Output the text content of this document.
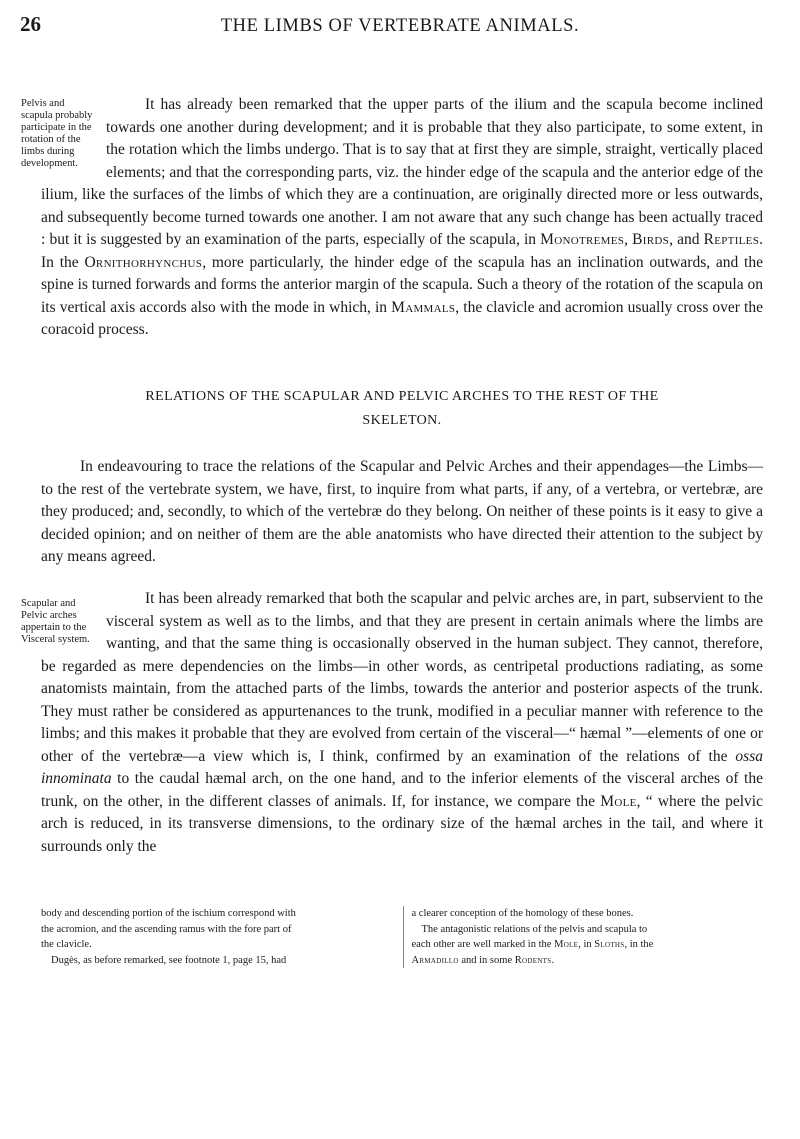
26	THE LIMBS OF VERTEBRATE ANIMALS.

Pelvis and scapula probably participate in the rotation of the limbs during development.
It has already been remarked that the upper parts of the ilium and the scapula become inclined towards one another during development; and it is probable that they also participate, to some extent, in the rotation which the limbs undergo. That is to say that at first they are simple, straight, vertically placed elements; and that the corresponding parts, viz. the hinder edge of the scapula and the anterior edge of the ilium, like the surfaces of the limbs of which they are a continuation, are originally directed more or less outwards, and subsequently become turned towards one another. I am not aware that any such change has been actually traced : but it is suggested by an examination of the parts, especially of the scapula, in Monotremes, Birds, and Reptiles. In the Ornithorhynchus, more particularly, the hinder edge of the scapula has an inclination outwards, and the spine is turned forwards and forms the anterior margin of the scapula. Such a theory of the rotation of the scapula on its vertical axis accords also with the mode in which, in Mammals, the clavicle and acromion usually cross over the coracoid process.

RELATIONS OF THE SCAPULAR AND PELVIC ARCHES TO THE REST OF THE
SKELETON.

In endeavouring to trace the relations of the Scapular and Pelvic Arches and their appendages—the Limbs—to the rest of the vertebrate system, we have, first, to inquire from what parts, if any, of a vertebra, or vertebræ, are they produced; and, secondly, to which of the vertebræ do they belong. On neither of these points is it easy to give a decided opinion; and on neither of them are the able anatomists who have directed their attention to the subject by any means agreed.

Scapular and Pelvic arches appertain to the Visceral system.
It has been already remarked that both the scapular and pelvic arches are, in part, subservient to the visceral system as well as to the limbs, and that they are present in certain animals where the limbs are wanting, and that the same thing is occasionally observed in the human subject. They cannot, therefore, be regarded as mere dependencies on the limbs—in other words, as centripetal productions radiating, as some anatomists maintain, from the attached parts of the limbs, towards the anterior and posterior aspects of the trunk. They must rather be considered as appurtenances to the trunk, modified in a peculiar manner with reference to the limbs; and this makes it probable that they are evolved from certain of the visceral—“ hæmal ”—elements of one or other of the vertebræ—a view which is, I think, confirmed by an examination of the relations of the ossa innominata to the caudal hæmal arch, on the one hand, and to the inferior elements of the visceral arches of the trunk, on the other, in the different classes of animals. If, for instance, we compare the Mole, “ where the pelvic arch is reduced, in its transverse dimensions, to the ordinary size of the hæmal arches in the tail, and where it surrounds only the

body and descending portion of the ischium correspond with
the acromion, and the ascending ramus with the fore part of
the clavicle.
Dugès, as before remarked, see footnote 1, page 15, had
a clearer conception of the homology of these bones.
The antagonistic relations of the pelvis and scapula to
each other are well marked in the Mole, in Sloths, in the
Armadillo and in some Rodents.
